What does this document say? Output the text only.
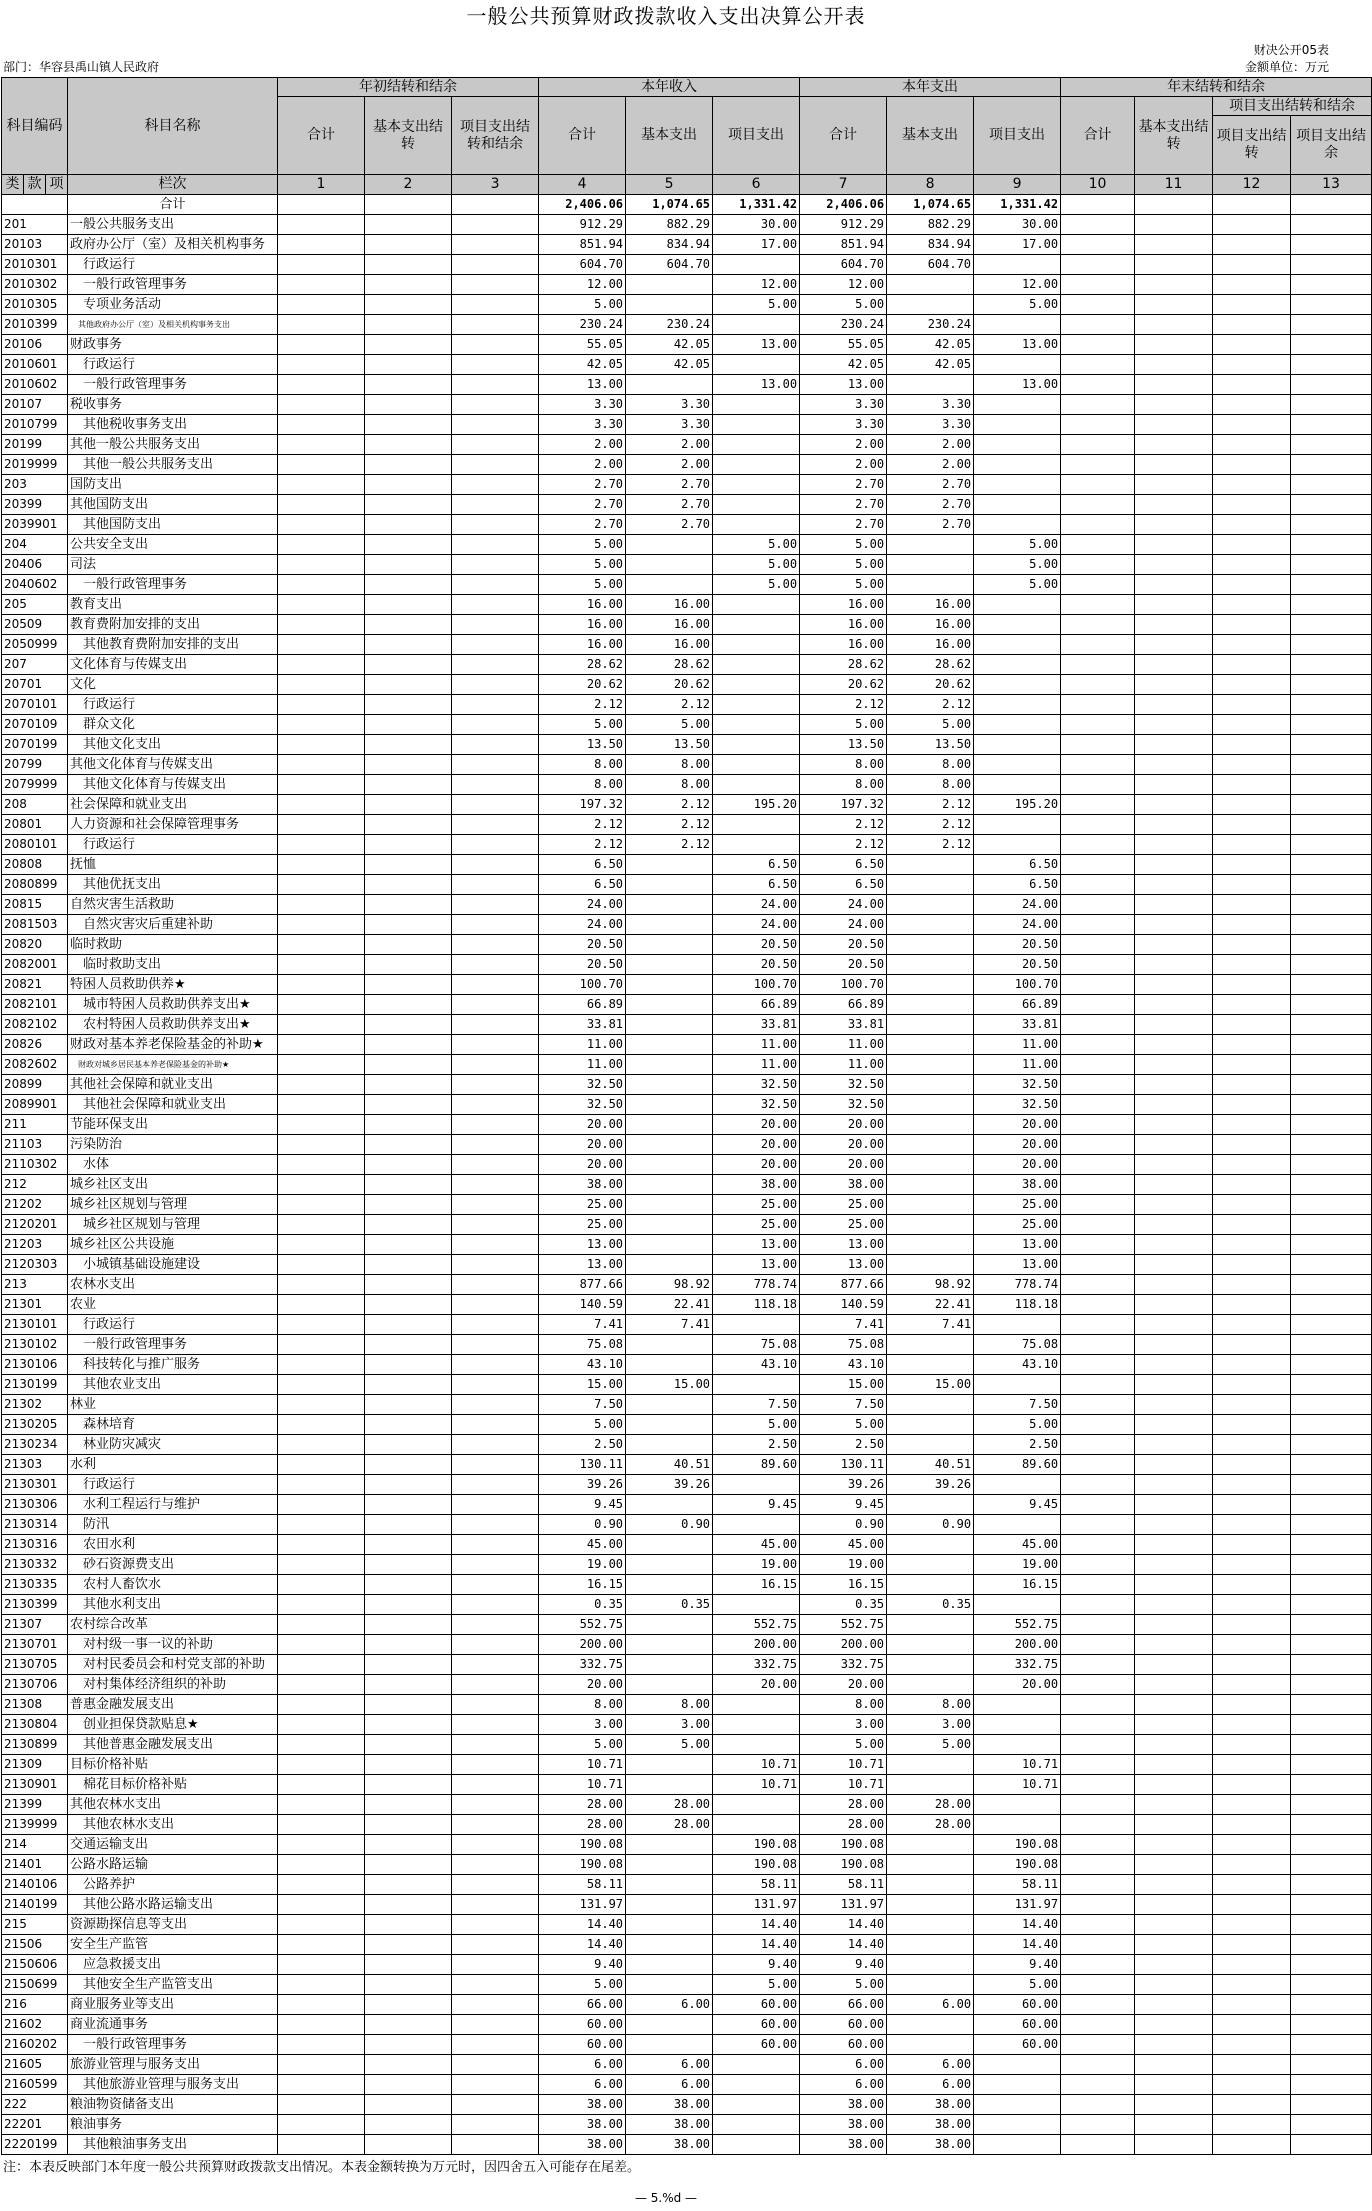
一般公共预算财政拨款收入支出决算公开表
财决公开05表
部门：华容县禹山镇人民政府	金额单位：万元
科目编码			科目名称	年初结转和结余			本年收入			本年支出			年末结转和结余			
				合计	基本支出结转	项目支出结转和结余	合计	基本支出	项目支出	合计	基本支出	项目支出	合计	基本支出结转	项目支出结转和结余	
															项目支出结转	项目支出结余
类	款	项	栏次	1	2	3	4	5	6	7	8	9	10	11	12	13
			合计				2,406.06	1,074.65	1,331.42	2,406.06	1,074.65	1,331.42				
201			一般公共服务支出				912.29	882.29	30.00	912.29	882.29	30.00				
20103			政府办公厅（室）及相关机构事务				851.94	834.94	17.00	851.94	834.94	17.00				
2010301			　行政运行				604.70	604.70		604.70	604.70					
2010302			　一般行政管理事务				12.00		12.00	12.00		12.00				
2010305			　专项业务活动				5.00		5.00	5.00		5.00				
2010399			　其他政府办公厅（室）及相关机构事务支出				230.24	230.24		230.24	230.24					
20106			财政事务				55.05	42.05	13.00	55.05	42.05	13.00				
2010601			　行政运行				42.05	42.05		42.05	42.05					
2010602			　一般行政管理事务				13.00		13.00	13.00		13.00				
20107			税收事务				3.30	3.30		3.30	3.30					
2010799			　其他税收事务支出				3.30	3.30		3.30	3.30					
20199			其他一般公共服务支出				2.00	2.00		2.00	2.00					
2019999			　其他一般公共服务支出				2.00	2.00		2.00	2.00					
203			国防支出				2.70	2.70		2.70	2.70					
20399			其他国防支出				2.70	2.70		2.70	2.70					
2039901			　其他国防支出				2.70	2.70		2.70	2.70					
204			公共安全支出				5.00		5.00	5.00		5.00				
20406			司法				5.00		5.00	5.00		5.00				
2040602			　一般行政管理事务				5.00		5.00	5.00		5.00				
205			教育支出				16.00	16.00		16.00	16.00					
20509			教育费附加安排的支出				16.00	16.00		16.00	16.00					
2050999			　其他教育费附加安排的支出				16.00	16.00		16.00	16.00					
207			文化体育与传媒支出				28.62	28.62		28.62	28.62					
20701			文化				20.62	20.62		20.62	20.62					
2070101			　行政运行				2.12	2.12		2.12	2.12					
2070109			　群众文化				5.00	5.00		5.00	5.00					
2070199			　其他文化支出				13.50	13.50		13.50	13.50					
20799			其他文化体育与传媒支出				8.00	8.00		8.00	8.00					
2079999			　其他文化体育与传媒支出				8.00	8.00		8.00	8.00					
208			社会保障和就业支出				197.32	2.12	195.20	197.32	2.12	195.20				
20801			人力资源和社会保障管理事务				2.12	2.12		2.12	2.12					
2080101			　行政运行				2.12	2.12		2.12	2.12					
20808			抚恤				6.50		6.50	6.50		6.50				
2080899			　其他优抚支出				6.50		6.50	6.50		6.50				
20815			自然灾害生活救助				24.00		24.00	24.00		24.00				
2081503			　自然灾害灾后重建补助				24.00		24.00	24.00		24.00				
20820			临时救助				20.50		20.50	20.50		20.50				
2082001			　临时救助支出				20.50		20.50	20.50		20.50				
20821			特困人员救助供养★				100.70		100.70	100.70		100.70				
2082101			　城市特困人员救助供养支出★				66.89		66.89	66.89		66.89				
2082102			　农村特困人员救助供养支出★				33.81		33.81	33.81		33.81				
20826			财政对基本养老保险基金的补助★				11.00		11.00	11.00		11.00				
2082602			　财政对城乡居民基本养老保险基金的补助★				11.00		11.00	11.00		11.00				
20899			其他社会保障和就业支出				32.50		32.50	32.50		32.50				
2089901			　其他社会保障和就业支出				32.50		32.50	32.50		32.50				
211			节能环保支出				20.00		20.00	20.00		20.00				
21103			污染防治				20.00		20.00	20.00		20.00				
2110302			　水体				20.00		20.00	20.00		20.00				
212			城乡社区支出				38.00		38.00	38.00		38.00				
21202			城乡社区规划与管理				25.00		25.00	25.00		25.00				
2120201			　城乡社区规划与管理				25.00		25.00	25.00		25.00				
21203			城乡社区公共设施				13.00		13.00	13.00		13.00				
2120303			　小城镇基础设施建设				13.00		13.00	13.00		13.00				
213			农林水支出				877.66	98.92	778.74	877.66	98.92	778.74				
21301			农业				140.59	22.41	118.18	140.59	22.41	118.18				
2130101			　行政运行				7.41	7.41		7.41	7.41					
2130102			　一般行政管理事务				75.08		75.08	75.08		75.08				
2130106			　科技转化与推广服务				43.10		43.10	43.10		43.10				
2130199			　其他农业支出				15.00	15.00		15.00	15.00					
21302			林业				7.50		7.50	7.50		7.50				
2130205			　森林培育				5.00		5.00	5.00		5.00				
2130234			　林业防灾减灾				2.50		2.50	2.50		2.50				
21303			水利				130.11	40.51	89.60	130.11	40.51	89.60				
2130301			　行政运行				39.26	39.26		39.26	39.26					
2130306			　水利工程运行与维护				9.45		9.45	9.45		9.45				
2130314			　防汛				0.90	0.90		0.90	0.90					
2130316			　农田水利				45.00		45.00	45.00		45.00				
2130332			　砂石资源费支出				19.00		19.00	19.00		19.00				
2130335			　农村人畜饮水				16.15		16.15	16.15		16.15				
2130399			　其他水利支出				0.35	0.35		0.35	0.35					
21307			农村综合改革				552.75		552.75	552.75		552.75				
2130701			　对村级一事一议的补助				200.00		200.00	200.00		200.00				
2130705			　对村民委员会和村党支部的补助				332.75		332.75	332.75		332.75				
2130706			　对村集体经济组织的补助				20.00		20.00	20.00		20.00				
21308			普惠金融发展支出				8.00	8.00		8.00	8.00					
2130804			　创业担保贷款贴息★				3.00	3.00		3.00	3.00					
2130899			　其他普惠金融发展支出				5.00	5.00		5.00	5.00					
21309			目标价格补贴				10.71		10.71	10.71		10.71				
2130901			　棉花目标价格补贴				10.71		10.71	10.71		10.71				
21399			其他农林水支出				28.00	28.00		28.00	28.00					
2139999			　其他农林水支出				28.00	28.00		28.00	28.00					
214			交通运输支出				190.08		190.08	190.08		190.08				
21401			公路水路运输				190.08		190.08	190.08		190.08				
2140106			　公路养护				58.11		58.11	58.11		58.11				
2140199			　其他公路水路运输支出				131.97		131.97	131.97		131.97				
215			资源勘探信息等支出				14.40		14.40	14.40		14.40				
21506			安全生产监管				14.40		14.40	14.40		14.40				
2150606			　应急救援支出				9.40		9.40	9.40		9.40				
2150699			　其他安全生产监管支出				5.00		5.00	5.00		5.00				
216			商业服务业等支出				66.00	6.00	60.00	66.00	6.00	60.00				
21602			商业流通事务				60.00		60.00	60.00		60.00				
2160202			　一般行政管理事务				60.00		60.00	60.00		60.00				
21605			旅游业管理与服务支出				6.00	6.00		6.00	6.00					
2160599			　其他旅游业管理与服务支出				6.00	6.00		6.00	6.00					
222			粮油物资储备支出				38.00	38.00		38.00	38.00					
22201			粮油事务				38.00	38.00		38.00	38.00					
2220199			　其他粮油事务支出				38.00	38.00		38.00	38.00					
注：本表反映部门本年度一般公共预算财政拨款支出情况。本表金额转换为万元时，因四舍五入可能存在尾差。
— 5.%d —
